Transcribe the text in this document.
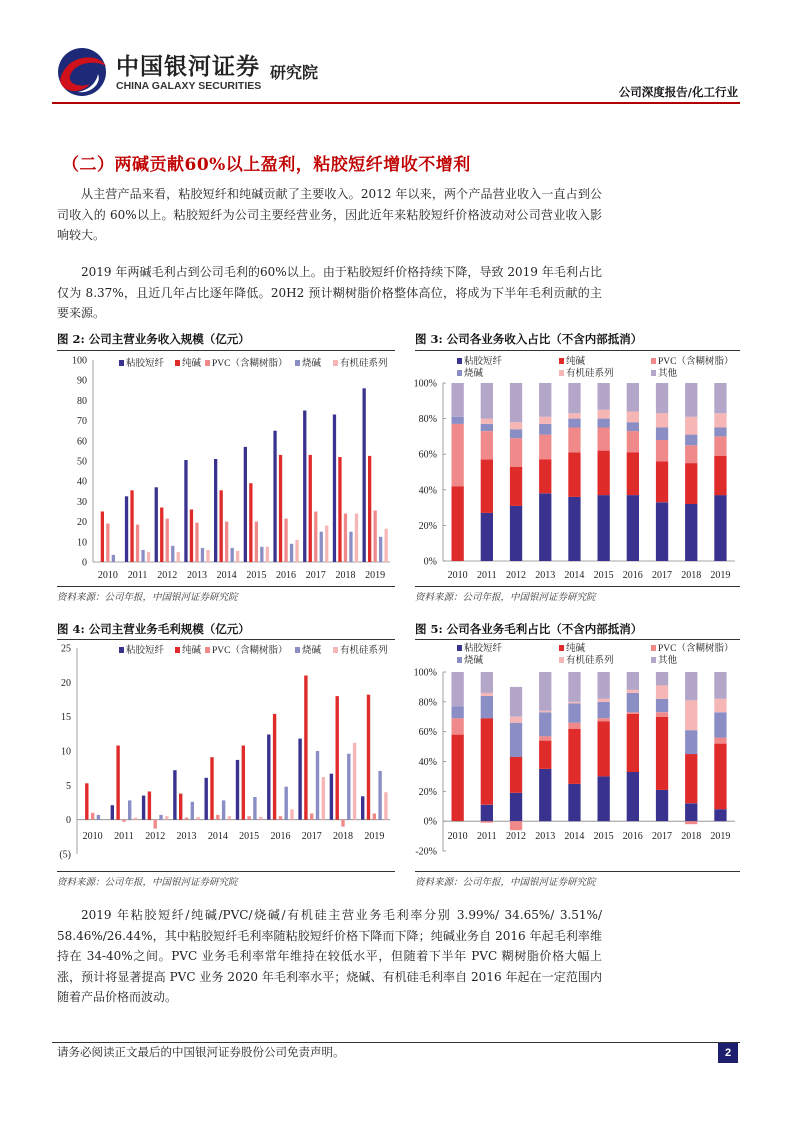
中国银河证券
CHINA GALAXY SECURITIES
研究院
公司深度报告/化工行业
（二）两碱贡献60%以上盈利，粘胶短纤增收不增利
从主营产品来看，粘胶短纤和纯碱贡献了主要收入。2012 年以来，两个产品营业收入一直占到公司收入的 60%以上。粘胶短纤为公司主要经营业务，因此近年来粘胶短纤价格波动对公司营业收入影响较大。
2019 年两碱毛利占到公司毛利的60%以上。由于粘胶短纤价格持续下降，导致 2019 年毛利占比仅为 8.37%，且近几年占比逐年降低。20H2 预计糊树脂价格整体高位，将成为下半年毛利贡献的主要来源。
图 2: 公司主营业务收入规模（亿元）
0
10
20
30
40
50
60
70
80
90
100
2010 2011 2012 2013 2014 2015 2016 2017 2018 2019
粘胶短纤 纯碱 PVC（含糊树脂） 烧碱 有机硅系列
资料来源：公司年报，中国银河证券研究院
图 3: 公司各业务收入占比（不含内部抵消）
0%
20%
40%
60%
80%
100%
2010 2011 2012 2013 2014 2015 2016 2017 2018 2019
粘胶短纤	纯碱	PVC（含糊树脂）
烧碱	有机硅系列	其他
资料来源：公司年报，中国银河证券研究院
图 4: 公司主营业务毛利规模（亿元）
(5)
0
5
10
15
20
25
2010 2011 2012 2013 2014 2015 2016 2017 2018 2019
粘胶短纤 纯碱 PVC（含糊树脂） 烧碱 有机硅系列
资料来源：公司年报，中国银河证券研究院
图 5: 公司各业务毛利占比（不含内部抵消）
-20%
0%
20%
40%
60%
80%
100%
2010 2011 2012 2013 2014 2015 2016 2017 2018 2019
粘胶短纤	纯碱	PVC（含糊树脂）
烧碱	有机硅系列	其他
资料来源：公司年报，中国银河证券研究院
2019 年粘胶短纤/纯碱/PVC/烧碱/有机硅主营业务毛利率分别 3.99%/ 34.65%/ 3.51%/ 58.46%/26.44%，其中粘胶短纤毛利率随粘胶短纤价格下降而下降；纯碱业务自 2016 年起毛利率维持在 34-40%之间。PVC 业务毛利率常年维持在较低水平，但随着下半年 PVC 糊树脂价格大幅上涨，预计将显著提高 PVC 业务 2020 年毛利率水平；烧碱、有机硅毛利率自 2016 年起在一定范围内随着产品价格而波动。
请务必阅读正文最后的中国银河证券股份公司免责声明。	2
